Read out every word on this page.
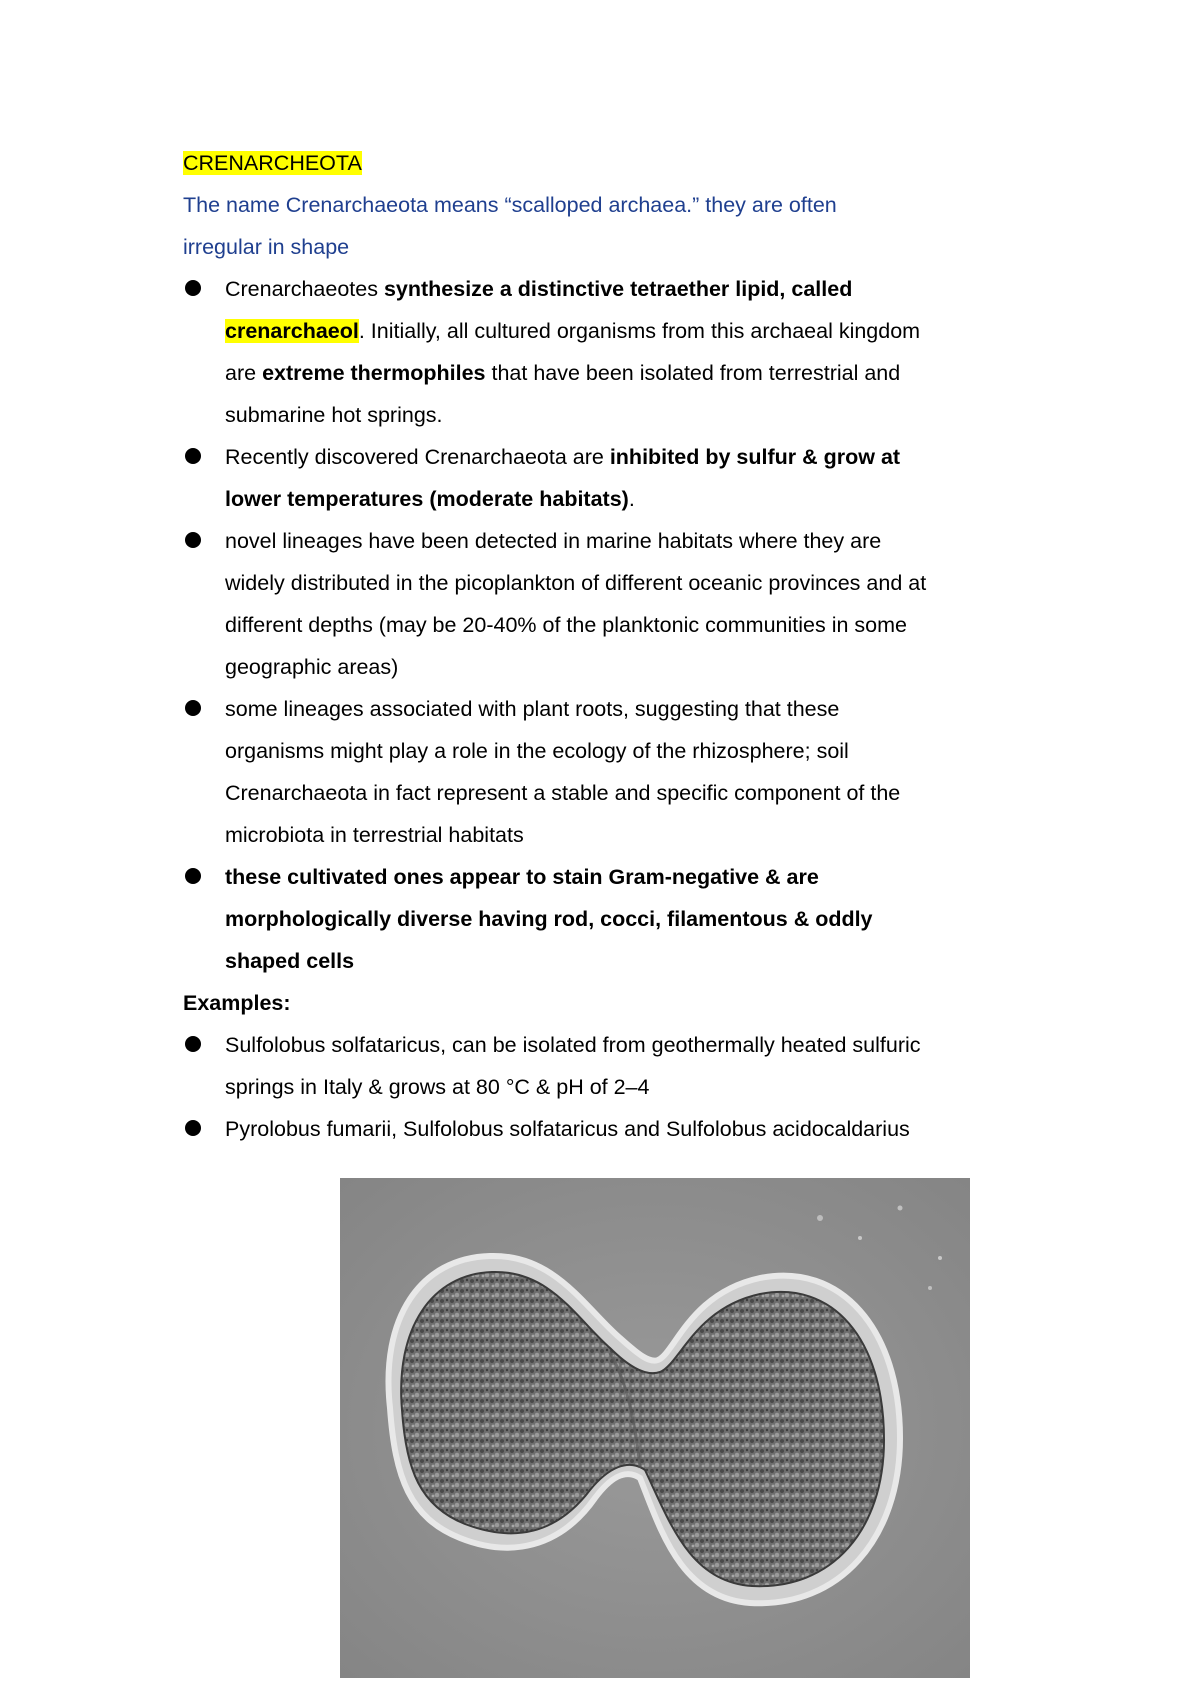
CRENARCHEOTA
The name Crenarchaeota means “scalloped archaea.” they are often
irregular in shape
Crenarchaeotes synthesize a distinctive tetraether lipid, called
crenarchaeol. Initially, all cultured organisms from this archaeal kingdom
are extreme thermophiles that have been isolated from terrestrial and
submarine hot springs.
Recently discovered Crenarchaeota are inhibited by sulfur & grow at
lower temperatures (moderate habitats).
novel lineages have been detected in marine habitats where they are
widely distributed in the picoplankton of different oceanic provinces and at
different depths (may be 20-40% of the planktonic communities in some
geographic areas)
some lineages associated with plant roots, suggesting that these
organisms might play a role in the ecology of the rhizosphere; soil
Crenarchaeota in fact represent a stable and specific component of the
microbiota in terrestrial habitats
these cultivated ones appear to stain Gram-negative & are
morphologically diverse having rod, cocci, filamentous & oddly
shaped cells
Examples:
Sulfolobus solfataricus, can be isolated from geothermally heated sulfuric
springs in Italy & grows at 80 °C & pH of 2–4
Pyrolobus fumarii, Sulfolobus solfataricus and Sulfolobus acidocaldarius
